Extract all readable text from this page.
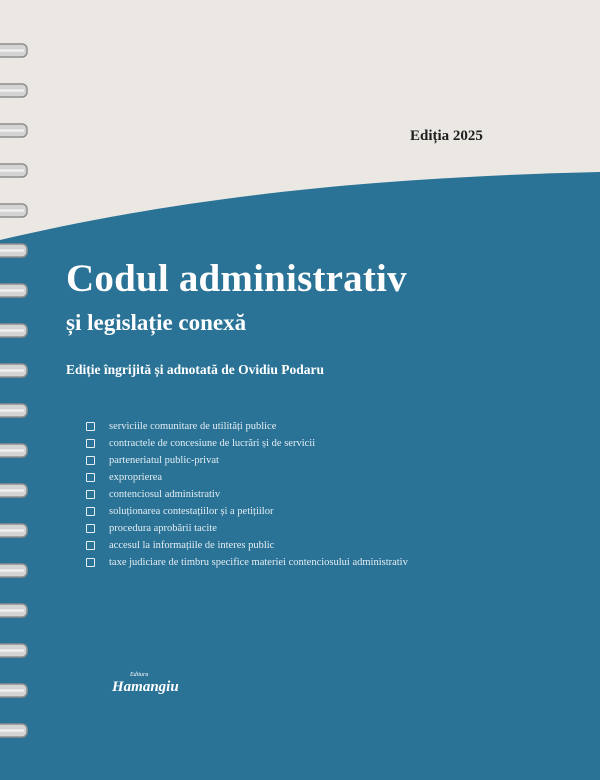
Ediția 2025
Codul administrativ
și legislație conexă
Ediție îngrijită și adnotată de Ovidiu Podaru
serviciile comunitare de utilități publice
contractele de concesiune de lucrări și de servicii
parteneriatul public-privat
exproprierea
contenciosul administrativ
soluționarea contestațiilor și a petițiilor
procedura aprobării tacite
accesul la informațiile de interes public
taxe judiciare de timbru specifice materiei contenciosului administrativ
Editura
Hamangiu
